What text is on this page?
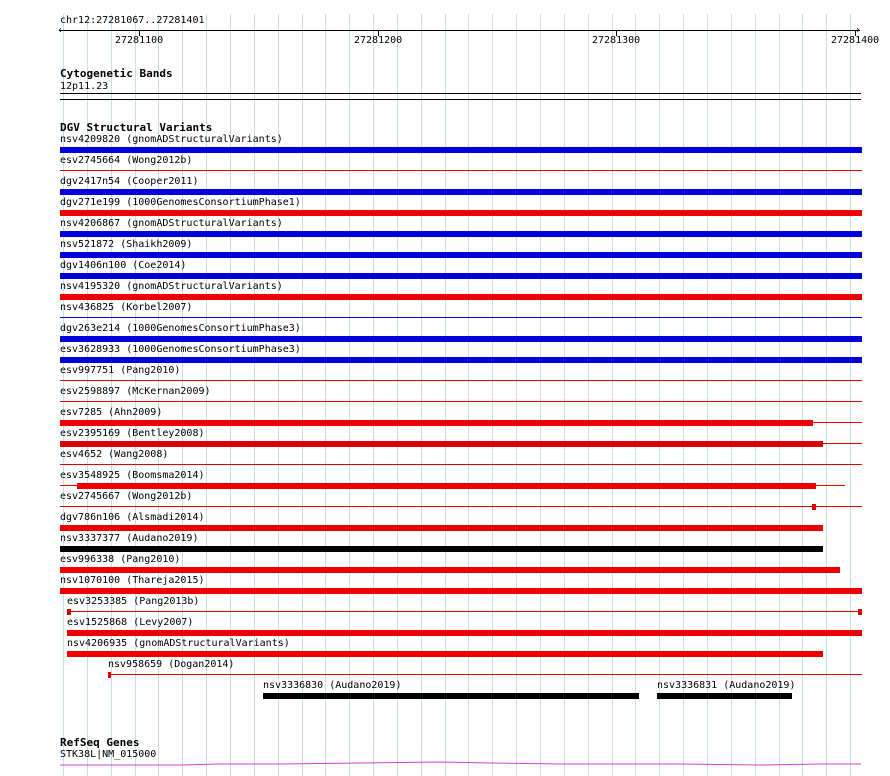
chr12:27281067..27281401
‹	›
27281100	27281200	27281300	27281400
Cytogenetic Bands
12p11.23
DGV Structural Variants
nsv4209820 (gnomADStructuralVariants)
esv2745664 (Wong2012b)
dgv2417n54 (Cooper2011)
dgv271e199 (1000GenomesConsortiumPhase1)
nsv4206867 (gnomADStructuralVariants)
nsv521872 (Shaikh2009)
dgv1406n100 (Coe2014)
nsv4195320 (gnomADStructuralVariants)
nsv436825 (Korbel2007)
dgv263e214 (1000GenomesConsortiumPhase3)
esv3628933 (1000GenomesConsortiumPhase3)
esv997751 (Pang2010)
esv2598897 (McKernan2009)
esv7285 (Ahn2009)
esv2395169 (Bentley2008)
esv4652 (Wang2008)
esv3548925 (Boomsma2014)
esv2745667 (Wong2012b)
dgv786n106 (Alsmadi2014)
nsv3337377 (Audano2019)
esv996338 (Pang2010)
nsv1070100 (Thareja2015)
esv3253385 (Pang2013b)
esv1525868 (Levy2007)
nsv4206935 (gnomADStructuralVariants)
nsv958659 (Dogan2014)
nsv3336830 (Audano2019)	nsv3336831 (Audano2019)
RefSeq Genes
STK38L|NM_015000
